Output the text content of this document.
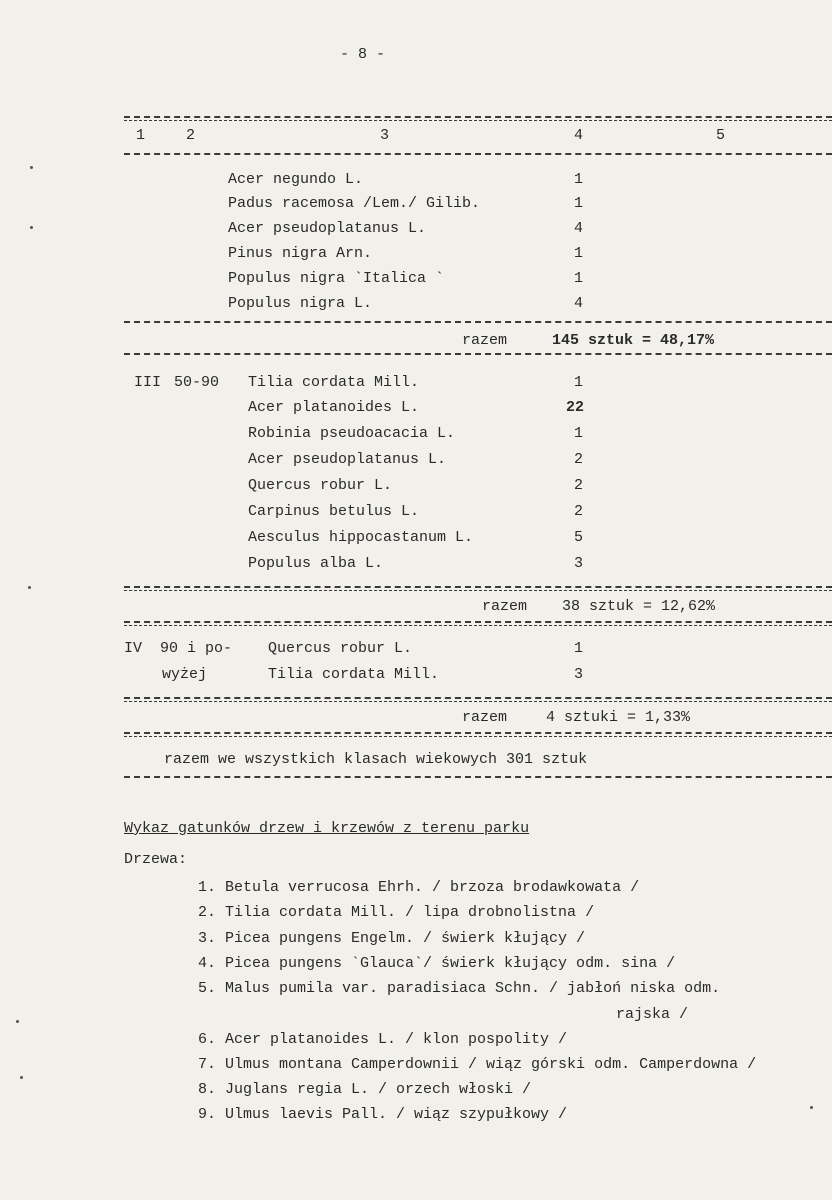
- 8 -
1	2	3	4	5
Acer negundo L.	1
Padus racemosa /Lem./ Gilib.	1
Acer pseudoplatanus L.	4
Pinus nigra Arn.	1
Populus nigra `Italica `	1
Populus nigra L.	4
razem	145 sztuk = 48,17%
III 50-90 Tilia cordata Mill.	1
Acer platanoides L.	22
Robinia pseudoacacia L.	1
Acer pseudoplatanus L.	2
Quercus robur L.	2
Carpinus betulus L.	2
Aesculus hippocastanum L.	5
Populus alba L.	3
razem 38 sztuk = 12,62%
IV 90 i po-
wyżej
Quercus robur L.	1
Tilia cordata Mill.	3
razem	4 sztuki = 1,33%
razem we wszystkich klasach wiekowych 301 sztuk
Wykaz gatunków drzew i krzewów z terenu parku
Drzewa:
1. Betula verrucosa Ehrh. / brzoza brodawkowata /
2. Tilia cordata Mill. / lipa drobnolistna /
3. Picea pungens Engelm. / świerk kłujący /
4. Picea pungens `Glauca`/ świerk kłujący odm. sina /
5. Malus pumila var. paradisiaca Schn. / jabłoń niska odm.
rajska /
6. Acer platanoides L. / klon pospolity /
7. Ulmus montana Camperdownii / wiąz górski odm. Camperdowna /
8. Juglans regia L. / orzech włoski /
9. Ulmus laevis Pall. / wiąz szypułkowy /
